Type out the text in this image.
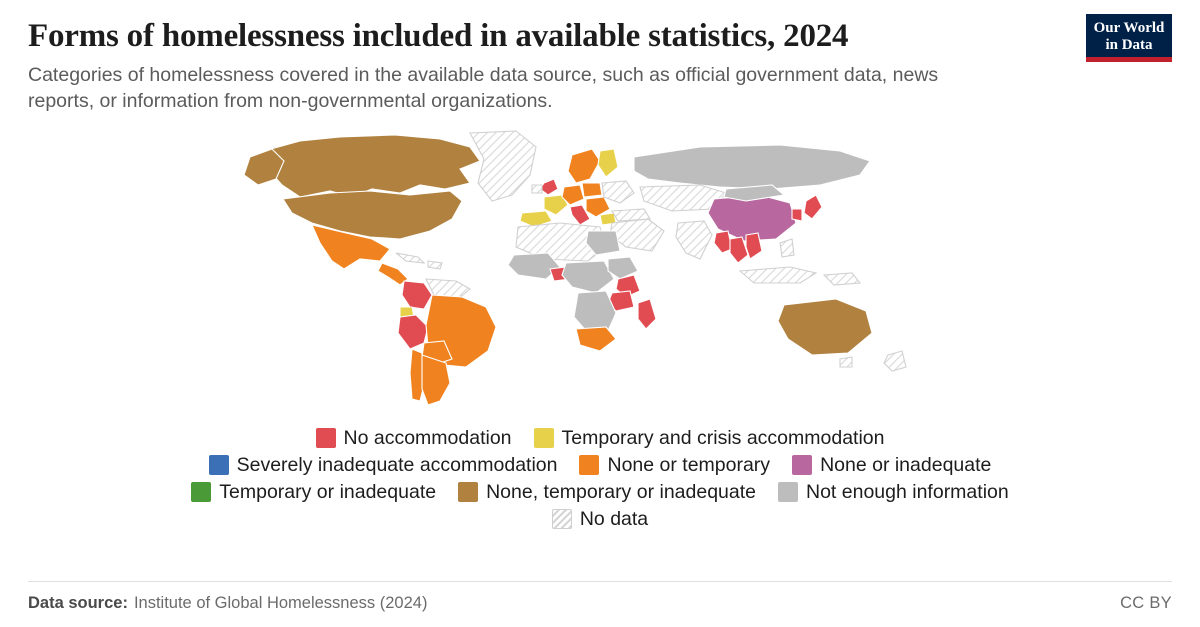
Forms of homelessness included in available statistics, 2024

Categories of homelessness covered in the available data source, such as official government data, news reports, or information from non-governmental organizations.

Our World
in Data
No accommodation	Temporary and crisis accommodation
Severely inadequate accommodation	None or temporary	None or inadequate
Temporary or inadequate	None, temporary or inadequate	Not enough information
No data
Data source: Institute of Global Homelessness (2024)	CC BY
